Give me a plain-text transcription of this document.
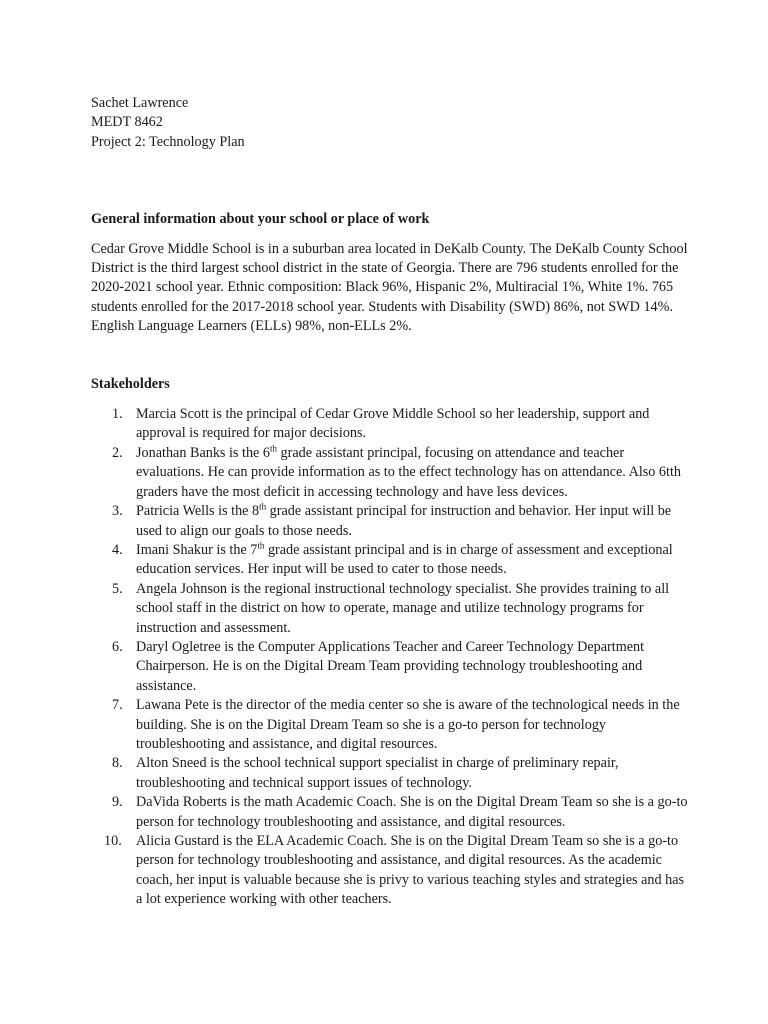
Sachet Lawrence
MEDT 8462
Project 2: Technology Plan

General information about your school or place of work

Cedar Grove Middle School is in a suburban area located in DeKalb County. The DeKalb County School District is the third largest school district in the state of Georgia. There are 796 students enrolled for the 2020-2021 school year. Ethnic composition: Black 96%, Hispanic 2%, Multiracial 1%, White 1%. 765 students enrolled for the 2017-2018 school year. Students with Disability (SWD) 86%, not SWD 14%. English Language Learners (ELLs) 98%, non-ELLs 2%.

Stakeholders

1. Marcia Scott is the principal of Cedar Grove Middle School so her leadership, support and approval is required for major decisions.
2. Jonathan Banks is the 6th grade assistant principal, focusing on attendance and teacher evaluations. He can provide information as to the effect technology has on attendance. Also 6tth graders have the most deficit in accessing technology and have less devices.
3. Patricia Wells is the 8th grade assistant principal for instruction and behavior. Her input will be used to align our goals to those needs.
4. Imani Shakur is the 7th grade assistant principal and is in charge of assessment and exceptional education services. Her input will be used to cater to those needs.
5. Angela Johnson is the regional instructional technology specialist. She provides training to all school staff in the district on how to operate, manage and utilize technology programs for instruction and assessment.
6. Daryl Ogletree is the Computer Applications Teacher and Career Technology Department Chairperson. He is on the Digital Dream Team providing technology troubleshooting and assistance.
7. Lawana Pete is the director of the media center so she is aware of the technological needs in the building. She is on the Digital Dream Team so she is a go-to person for technology troubleshooting and assistance, and digital resources.
8. Alton Sneed is the school technical support specialist in charge of preliminary repair, troubleshooting and technical support issues of technology.
9. DaVida Roberts is the math Academic Coach. She is on the Digital Dream Team so she is a go-to person for technology troubleshooting and assistance, and digital resources.
10. Alicia Gustard is the ELA Academic Coach. She is on the Digital Dream Team so she is a go-to person for technology troubleshooting and assistance, and digital resources. As the academic coach, her input is valuable because she is privy to various teaching styles and strategies and has a lot experience working with other teachers.
